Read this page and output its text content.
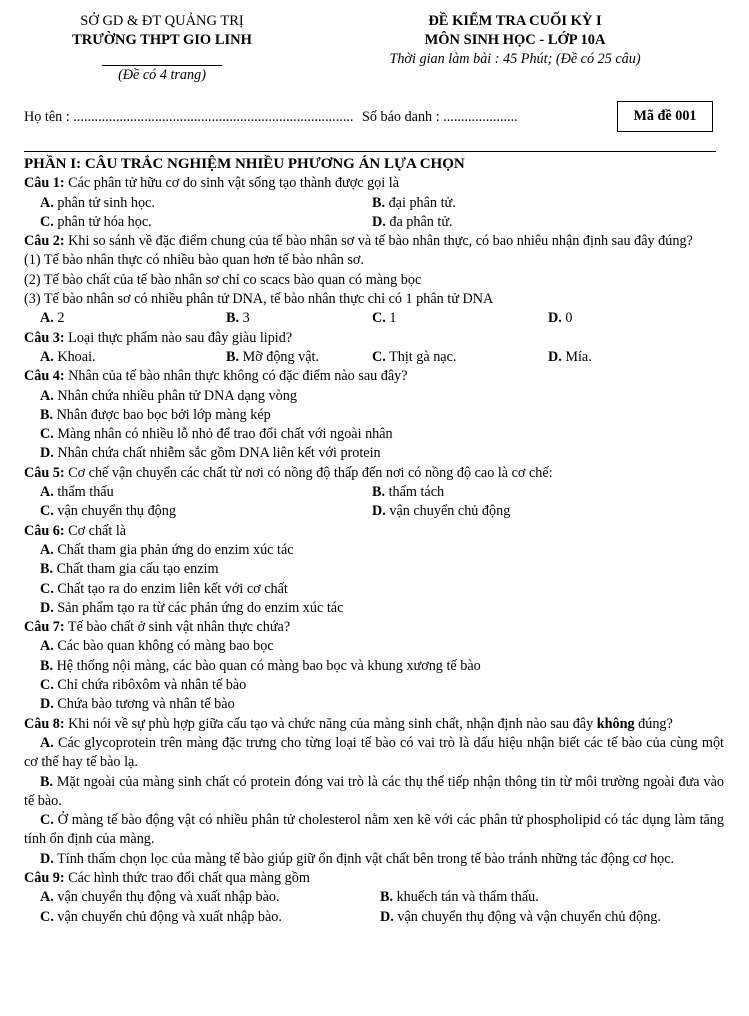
SỞ GD & ĐT QUẢNG TRỊ
TRƯỜNG THPT GIO LINH
(Đề có 4 trang)
ĐỀ KIỂM TRA CUỐI KỲ I
MÔN SINH HỌC - LỚP 10A
Thời gian làm bài : 45 Phút; (Đề có 25 câu)
Họ tên : ............................................................................... Số báo danh : .....................	Mã đề 001
PHẦN I: CÂU TRẮC NGHIỆM NHIỀU PHƯƠNG ÁN LỰA CHỌN
Câu 1: Các phân tử hữu cơ do sinh vật sống tạo thành được gọi là
A. phân tử sinh học.	B. đại phân tử.
C. phân tử hóa học.	D. đa phân tử.
Câu 2: Khi so sánh về đặc điểm chung của tế bào nhân sơ và tế bào nhân thực, có bao nhiêu nhận định sau đây đúng?
(1) Tế bào nhân thực có nhiều bào quan hơn tế bào nhân sơ.
(2) Tế bào chất của tế bào nhân sơ chỉ co scacs bào quan có màng bọc
(3) Tế bào nhân sơ có nhiều phân tử DNA, tế bào nhân thực chỉ có 1 phân tử DNA
A. 2	B. 3	C. 1	D. 0
Câu 3: Loại thực phẩm nào sau đây giàu lipid?
A. Khoai.	B. Mỡ động vật.	C. Thịt gà nạc.	D. Mía.
Câu 4: Nhân của tế bào nhân thực không có đặc điểm nào sau đây?
A. Nhân chứa nhiều phân tử DNA dạng vòng
B. Nhân được bao bọc bởi lớp màng kép
C. Màng nhân có nhiều lỗ nhỏ để trao đổi chất với ngoài nhân
D. Nhân chứa chất nhiễm sắc gồm DNA liên kết với protein
Câu 5: Cơ chế vận chuyển các chất từ nơi có nồng độ thấp đến nơi có nồng độ cao là cơ chế:
A. thẩm thấu	B. thẩm tách
C. vận chuyển thụ động	D. vận chuyển chủ động
Câu 6: Cơ chất là
A. Chất tham gia phản ứng do enzim xúc tác
B. Chất tham gia cấu tạo enzim
C. Chất tạo ra do enzim liên kết với cơ chất
D. Sản phẩm tạo ra từ các phản ứng do enzim xúc tác
Câu 7: Tế bào chất ở sinh vật nhân thực chứa?
A. Các bào quan không có màng bao bọc
B. Hệ thống nội màng, các bào quan có màng bao bọc và khung xương tế bào
C. Chỉ chứa ribôxôm và nhân tế bào
D. Chứa bào tương và nhân tế bào
Câu 8: Khi nói về sự phù hợp giữa cấu tạo và chức năng của màng sinh chất, nhận định nào sau đây không đúng?
A. Các glycoprotein trên màng đặc trưng cho từng loại tế bào có vai trò là dấu hiệu nhận biết các tế bào của cùng một cơ thể hay tế bào lạ.
B. Mặt ngoài của màng sinh chất có protein đóng vai trò là các thụ thể tiếp nhận thông tin từ môi trường ngoài đưa vào tế bào.
C. Ở màng tế bào động vật có nhiều phân tử cholesterol nằm xen kẽ với các phân tử phospholipid có tác dụng làm tăng tính ổn định của màng.
D. Tính thấm chọn lọc của màng tế bào giúp giữ ổn định vật chất bên trong tế bào tránh những tác động cơ học.
Câu 9: Các hình thức trao đổi chất qua màng gồm
A. vận chuyển thụ động và xuất nhập bào.	B. khuếch tán và thẩm thấu.
C. vận chuyển chủ động và xuất nhập bào.	D. vận chuyển thụ động và vận chuyển chủ động.
